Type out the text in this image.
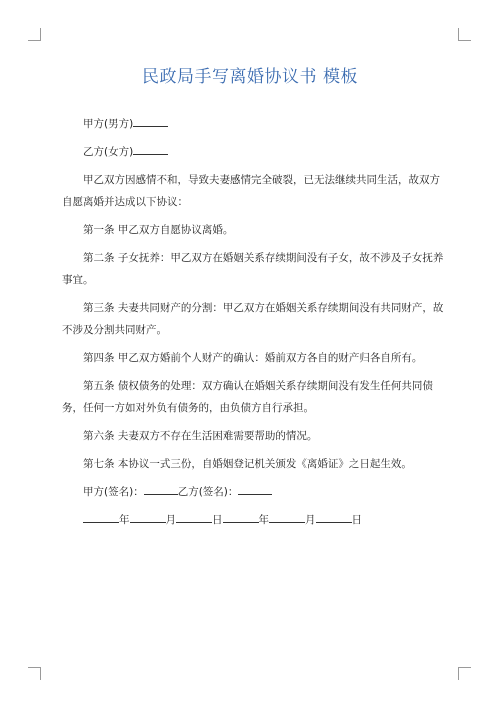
民政局手写离婚协议书 模板

甲方(男方)

乙方(女方)

甲乙双方因感情不和，导致夫妻感情完全破裂，已无法继续共同生活，故双方自愿离婚并达成以下协议：

第一条 甲乙双方自愿协议离婚。

第二条 子女抚养：甲乙双方在婚姻关系存续期间没有子女，故不涉及子女抚养事宜。

第三条 夫妻共同财产的分割：甲乙双方在婚姻关系存续期间没有共同财产，故不涉及分割共同财产。

第四条 甲乙双方婚前个人财产的确认：婚前双方各自的财产归各自所有。

第五条 债权债务的处理：双方确认在婚姻关系存续期间没有发生任何共同债务，任何一方如对外负有债务的，由负债方自行承担。

第六条 夫妻双方不存在生活困难需要帮助的情况。

第七条 本协议一式三份，自婚姻登记机关颁发《离婚证》之日起生效。

甲方(签名)：	乙方(签名)：

年	月	日	年	月	日
